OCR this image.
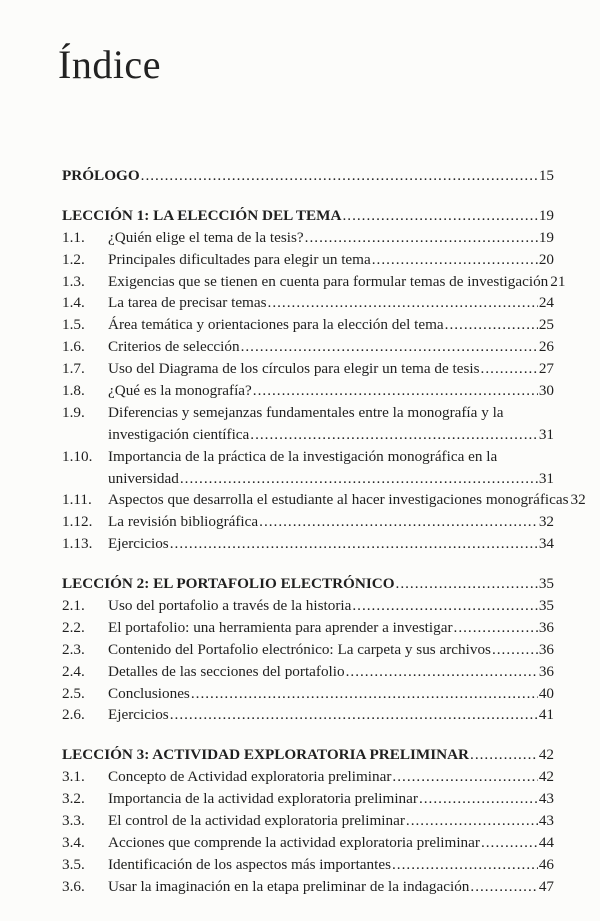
Índice
PRÓLOGO .....	15
LECCIÓN 1: LA ELECCIÓN DEL TEMA .....	19
1.1.	¿Quién elige el tema de la tesis? .....	19
1.2.	Principales dificultades para elegir un tema .....	20
1.3.	Exigencias que se tienen en cuenta para formular temas de investigación 21
1.4.	La tarea de precisar temas .....	24
1.5.	Área temática y orientaciones para la elección del tema .....	25
1.6.	Criterios de selección .....	26
1.7.	Uso del Diagrama de los círculos para elegir un tema de tesis .....	27
1.8.	¿Qué es la monografía? .....	30
1.9.	Diferencias y semejanzas fundamentales entre la monografía y la
investigación científica .....	31
1.10.	Importancia de la práctica de la investigación monográfica en la
universidad .....	31
1.11.	Aspectos que desarrolla el estudiante al hacer investigaciones monográficas 32
1.12.	La revisión bibliográfica .....	32
1.13.	Ejercicios .....	34
LECCIÓN 2: EL PORTAFOLIO ELECTRÓNICO .....	35
2.1.	Uso del portafolio a través de la historia .....	35
2.2.	El portafolio: una herramienta para aprender a investigar .....	36
2.3.	Contenido del Portafolio electrónico: La carpeta y sus archivos .....	36
2.4.	Detalles de las secciones del portafolio .....	36
2.5.	Conclusiones .....	40
2.6.	Ejercicios .....	41
LECCIÓN 3: ACTIVIDAD EXPLORATORIA PRELIMINAR .....	42
3.1.	Concepto de Actividad exploratoria preliminar .....	42
3.2.	Importancia de la actividad exploratoria preliminar .....	43
3.3.	El control de la actividad exploratoria preliminar .....	43
3.4.	Acciones que comprende la actividad exploratoria preliminar .....	44
3.5.	Identificación de los aspectos más importantes .....	46
3.6.	Usar la imaginación en la etapa preliminar de la indagación .....	47
